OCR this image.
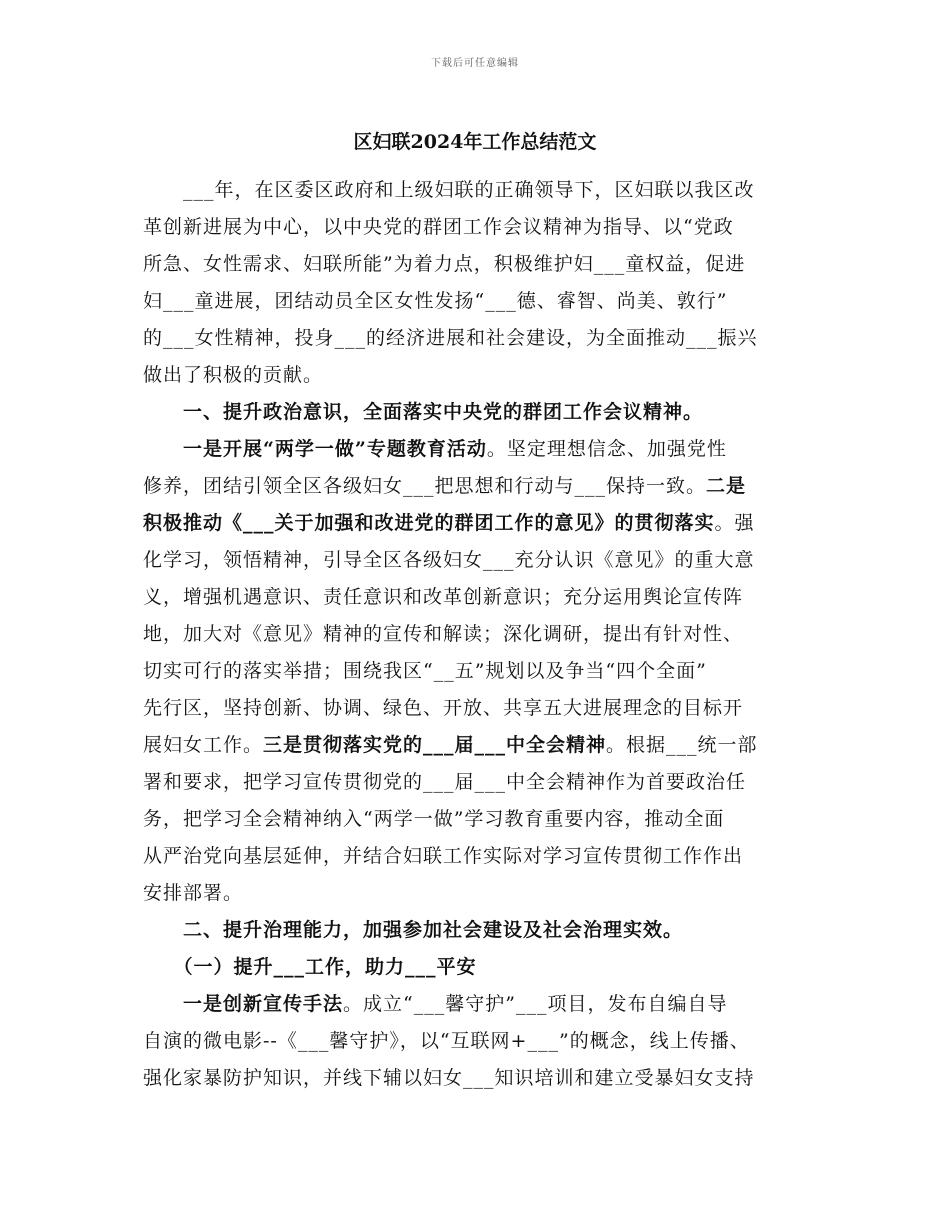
下载后可任意编辑
区妇联2024年工作总结范文
　　___年，在区委区政府和上级妇联的正确领导下，区妇联以我区改
革创新进展为中心，以中央党的群团工作会议精神为指导、以“党政
所急、女性需求、妇联所能”为着力点，积极维护妇___童权益，促进
妇___童进展，团结动员全区女性发扬“___德、睿智、尚美、敦行”
的___女性精神，投身___的经济进展和社会建设，为全面推动___振兴
做出了积极的贡献。
　　一、提升政治意识，全面落实中央党的群团工作会议精神。
　　一是开展“两学一做”专题教育活动。坚定理想信念、加强党性
修养，团结引领全区各级妇女___把思想和行动与___保持一致。二是
积极推动《___关于加强和改进党的群团工作的意见》的贯彻落实。强
化学习，领悟精神，引导全区各级妇女___充分认识《意见》的重大意
义，增强机遇意识、责任意识和改革创新意识；充分运用舆论宣传阵
地，加大对《意见》精神的宣传和解读；深化调研，提出有针对性、
切实可行的落实举措；围绕我区“__五”规划以及争当“四个全面”
先行区，坚持创新、协调、绿色、开放、共享五大进展理念的目标开
展妇女工作。三是贯彻落实党的___届___中全会精神。根据___统一部
署和要求，把学习宣传贯彻党的___届___中全会精神作为首要政治任
务，把学习全会精神纳入“两学一做”学习教育重要内容，推动全面
从严治党向基层延伸，并结合妇联工作实际对学习宣传贯彻工作作出
安排部署。
　　二、提升治理能力，加强参加社会建设及社会治理实效。
　　（一）提升___工作，助力___平安
　　一是创新宣传手法。成立“___馨守护”___项目，发布自编自导
自演的微电影--《___馨守护》，以“互联网+___”的概念，线上传播、
强化家暴防护知识，并线下辅以妇女___知识培训和建立受暴妇女支持
